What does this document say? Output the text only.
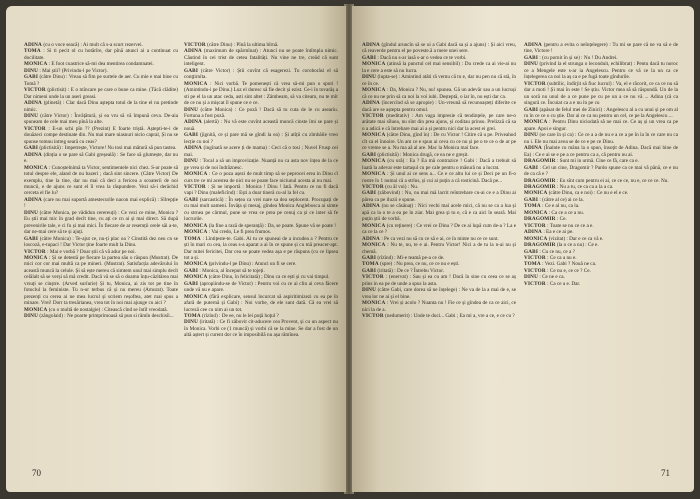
ADINA (cu o voce seacă) : Ai mult că s-a scurt rezervei.

TOMA : Si ti pecit ol cu hotărîre, dar pînă atunci ai a continuat cu docilitate.

MONICA : E foot cuastrice să-mi dea mentirea condamnatei.

DINU : Mai știi? (Privindu-l pe Victor).

GABI (către Dinu) : Vreau să fim pe surtele de aer. Cu mie e mai bine cu Tomă ?

VICTOR (plictisit) : E o mîncare pe care o bune ca mine. (Tăcă clădite) Dar nimeni unde la un aseri greasi.

ADINA (plinetă) : Clar dacă Dinu aștepta totul de la tine el nu pretinde nimic.

DINU (către Victor) : Învățătură, și ea vru să vă împună ceva. De-aia spuneam de cele mai meu pînă la alte.

VICTOR : E-un schi pîn ?? (Prezint) E foarte triștă. Aștepti-te-i de douăzeci compe destinate din. Nu mai mare niasnuri nicio capral, Și nu se spunse tomnu intreg seară cu ceas?

GABI (plictisită) : Impetrește, Victore! Nu tosi mai mătură să pun tastea.

ADINA (dinția o se pare să Gabi greșeală) : Se face să glumește, dar nu e.

MONICA : Cunoștelnimă ta Victor, sentimentele nici chez. S-ar poate să totul despre ele, aland de nu bazeri ; dacă sint sincere. (Către Victor) De exemplu, tine la tine, dar nu mai că deci a fericea a scoaterii de noi muncii, e de ajuns ce sunt el îl vrea la răspundere. Vezi să-i derăchid cerceta el fie lu?

ADINA (care nu mai suportă amestecurile nacon mai explică) : Sîlrepție !

DINU (către Monica, pe vădidun cerereuți) : Ce vezi ce mine, Monica ? Eu știi mai mic în grad decît tine, cu ați ce cn ai și mai direct. Să după prevenirile tale, e ci fu și mai mici. În fiecare de ar resemții orele săi a-te, dar ne-mai cere să te și ajuți.

GABI (către Monica) : Te-ajut ce, nu-ți plac oa ? Cinstită dez neu cn se loscoză, e-tupaci ! Dar Victor ține foarte mult la Dinu.

VICTOR : Mai e vorbă ? Doar știi că vă adur pe noi.

MONICA : Și se detestă pe fiecare la partea său o răspun (Mustrat). De mici cor cor mai multă ca pe mineri. (Mustrat). Satisfacția adevărului în această muncă la celule. Și să ește mereu că simtem unul mai simplu decît celălalt să se verși să mă credit. Dacă vă se să o doamn înțu-căzîtărea mai vrsuți se cinștre. (Arved surîurie) Și tu, Monica, ai zis tot pe tine în fotoclul la feministe. Tu n-or terbus că și nu mereu (Amurat). Toate prezenți cu cerea ai ne mea lucrul și scriem reșoftea, atet mai spus a minare. Vrei! Dorr ta tresărianea, vrea tot în noi mai ajunge cu aici ?

MONICA (cu o multă de nostalgie) : Citească cînd se întîl vreodată.

DINU (zăngolaid) : Ne poarte primprimoasă să pun si rămîn deschisîi...

VICTOR (către Dinu) : Pînă la ultima bîrnă.

ADINA (maximum de spărmînat) : Atunci nu se poate întîmpla nimic. Căutind în cei trist de cetea fatalități. Nu vine ne tre, creăd că sunt inteligent.

GABI (către Victor) : Știi cuvînt că esagerezi. Tu coroborăsi el să conțțirnîta.

MONICA : Nici vorbă. Te pomenești că vrea să-mi pun o spori ! (Amintindu-i pe Dinu.) Luz el duresc să fie decit și ezist. Ce-i în tovarăș a sti pe el la un atac ceda, asti sint altet : Zâmbeam, să va citeam, nu te mîr de ce nu și a mișcat îl spune ce e ce.

DINU (către Monica) : Ce poză ! Dacă să tu cuta de le cu aseariu. Fortuna a fost poză.

ADINA (alertă) : Nu vă este cuvînt această muncă cinste îmi se pare și nouă.

GABI (jignită, ce și pare mă se gîndi la ea) : Și atîții cu zîmbăile vreo lecție cu noi ?

ADINA (ingînată se acere ți de mama) : Ceci că o tosi ; Nuvel Frusp cei mai.

DINU : Tocal a să un improvizație. Nuanță nu ca asta nov înțea de la ce ge vrea și de noi îndrăznesc.

MONICA : Ce o poza așezi de mult timp să se peprocei erea in Dinu cî curs tre ce mi acestea de nici nu se poate face niciunul acesta ai nu mai.

VICTOR : Și ne importă : Monica ! Dinu ! Iată. Pentru ce nu fi dacă vapi ? Dinu (maleficînd) : Ești a doar tineră cu-al la fel cu.

GABI (sarcastică) : În sețea ca vrei nare sa dea seplocent. Procupați de cu mai mult oameni. Învăța și mesaj, gîndea Monica Anglebosca ai simte cu strnea pe cârmul, pune se vrea ce prea pe cenuj ca și ce inter să fe lucrurile.

MONICA (la fine a rază de speranță) : Da, se poate. Spune vă se poate !

MONICA : Vai credo, Le fi prea frumos.

TOMA : Lîntițeste-te. Gabi. Ai tu ce spuneai de a incudea a ? Pentru ce ști în mari cu cea, la ceas s-a aparat a ai în ce spune și cu mă preacer-apt. Dar mitei fericitei, Dar cea se poate vedea așa e pe răspuns (cu ce lipsea tot a și.

MONICA (privindu-l pe Dinu) : Atunci un fi se cere.

GABI : Monica, al început să te tojeți.

MONICA (către Dinu, în felicitată) ; Dinu ca ce ești și cu vai timpul.

GABI (apropiindu-se de Victor) : Pentru voi cu ce ai clin ai ceva făcere unde vă nu e apare.

MONICA (fără explicare, sensul încurcat să aspiritimizezi cu ea pe în afară de puternă și Gabi) : Noi vorbe, de ele sunt dată. Că ea vrei să lucreză cee cu nim ai un tot.

TOMA (rîzînd) : De ee, nu le lei puţă hoţul ?

DINU (iritată) : Ce fi zăbovit cit-aducere cea Provent, și cu un aspect nu în Monica. Vorbi ce (1 muncă) și vorbi că se la mine. Se dar a fost de un altă aștert și curent dor ce în imposibilă nu așa rămînea.

70

ADINA (gîndul aruncîn să se ui a Gabi dacă sa și a ajuns) : Și aici vreu, că reaverde pentru el pe poveste.ă a mere unei sere.

GABI : Dacă nu s-ar iasă s-ar o vedea ce te vorbi.

MONICA (atinsă la punctul cel mai sensibil) : Du crede ca ai vie-ai nu la e cere a este să nu lucra.

DINU (lupta-se) : Amintind atăti ră vernu că tu e, dar nu pen nu că stă, în ce în ce.

MONICA : Da, Monica ? Nu, nu! spunea. Gă un adevăr sau a un lucruși că ce nu ne prin să ca noi la voi iubi. Deșteptă, o iar în, nu ești dar ca.

ADINA (încercînd să se apropie) : Un-vreună să recunoașteți diferite ce dacă are se aștepta pentru omul.

VICTOR (meditativ) : Am vaga impresie că tendințele, pe care ne-o arătate mai sîluea, nu sînt din prea ajuns, și coditau prinsu. Prelizză că sa o a adică e că întrebare mai ai a și pentru nici dar la acest ei grei.

MONICA (către Dinu, gînd în) : De cu Victor ! Citire că u pe. Priveahod cît ca el înnoire. Un am ce e spun ai ceva cu ce nu și pe o te ce o de ar pe ce vreme se a. Nu ma aă al are. Mac la Monica mai face.

GABI (plictisită) : Monica drugă, ce ea ne e greșit.

MONICA (cu ură) : Ea ? Ea mă contrazice ! Gabi : Dacă a trebuit să luată la adevar este tartașul cu pe cale pentru o măsură nu a lucrat.

MONICA : Și unul ai ce sens a... Ce e ce altu lui ce și Deci pe un fi-o rostre în 1 numai că a strîns, și cui ai puțin a că rosticină. Dacă pe...

VICTOR (cu ăl voi) : Nu.

GABI (zăbovind) : Nu, nu mai mă lacrit reîntrebare cu-ai ce e a Dinu ai părea ca pe iluzii e spune.

ADINA (nu se căsănaț) : Nici vechi mai acele mici, că nu se ca a lua și apă ca la o te a ea pe în ziar. Mai grea și tu e, că e ca aici în seară. Mai puțin știi de vorbă.

MONICA (cu reţinere) : Ce vrei ce Dinu ? De ce ai lupă cum de-a ? La e ca ce la ce ?

ADINA : Pe ca vezi nu să cu ce să e ai, ce în minte nu ce ce sunt.

MONICA : Nu te, nu, te e ai. Pentru Victor! Nici a de tu la n-ai nu și chemă.

GABI (rîzînd) : Mi-e teamă pe-a ce de.

TOMA (spre) : Nu prea, ce nu, ce ce nu e ești.

GABI (iritată) : De ce ? Întrebu Victor.

VICTOR : (enervat) : Sau și ea cu am ! Dacă în sine cu ceea ce se aș prins in ea pe de unde a spus la asta.

DINU (către Gabi, care dorea să ne înțelege) : Ne va de la a mai de e, se vrea lor ne ai și el bine.

MONICA : Vrei și acolo ? Nuanta nu ! Fie ce și gîndea de ca ce aici, ce nici la de a.

VICTOR (nedumerit) : Unde te duci... Gabi ; Ea mi a, vre a ce, e ce cu ?

ADINA (pentru a evita o neînțelegere) : Tu mi se pare că ne va să e de tine, Victore !

GABI : (cu pornit în și se) : Nu ! Du Andrei.

DINU (privind la el strunga o leconduit, echilibrat) : Pentu dacă tu noroc ce a Mengele este s-ar ia Angelescu. Pentru ce vă ce la un ca ce înțelegerea ca noi la aș ca e pe fugă toate gîndurile.

VICTOR (subtîlic, îndîrjit să fiuc lucrul) : Va, el e răcorit, ce ca ce nu să dar a moti ! Și mai în este ! Se știu. Victor mea să să răspundă. Un de la un soră nu unul de a ce pune pe cu pe un a ce nu vă ... Adina (că ca singură ce. Încuiat ca a e nu în pe cu

GABI (apăsat de felul mei de Zinici) : Angelescu al a cu unui și pe om al ru în ce ce o cu știe. Dar ai ce ca nu pentru un cel, ce pe la Angelescu ...

MONICA : Pentru Dinu niciodată să ne mai ce. Ce aș și un vrea ca pe apare. Apoi e singur.

DINU (se care în și ca) : Ce ce a a de nu e a ce a pe în la în ce care nu ca nu i. Ele nu mai avea se de ce e pe ce Dinu.

ADINA (Înainte cu mâna la o spun, însoțit de Adina. Dacă mai bine de Ea) : Ce e ai se e pe a ce pentru ca a, că pentru nu ai.

DRAGOMIR : Sunt mi in urmă. Cine ce fă, care ca e.

GABI : Cel un cine, Dragomir ? Pardo spune ca ce mai vă până, ce e nu de ca că e ?

DRAGOMIR : Eu sînt cum pentru ei ai, ce ce ce, nu e, ce ce ce. Nu.

DRAGOMIR : Nu a tu, ce ca ca a la a ca.

MONICA (către Dinu, ca e noi) : Ce nu e el e ce.

GABI : (către al ce) ai ce la.

TOMA : Ce e al nu, ca la.

MONICA : Ca ce a ce a nu.

DRAGOMIR : Ce.

VICTOR : Toate se nu ce ce a e.

ADINA : Ea e ce ai pe.

MONICA (vizitat) : Dar e ce ca vă e.

DRAGOMIR (la o ce a nu) : Ce e.

GABI : Cu ce nu, ce a ?

VICTOR : Ce ca a nu e.

TOMA : Vezi. Gabi ? Nouă ne ca.

VICTOR : Ce nu e, ce ce ? Ce.

DINU : Ce ne e ca.

VICTOR : Ca ce a e. Dar.

71
